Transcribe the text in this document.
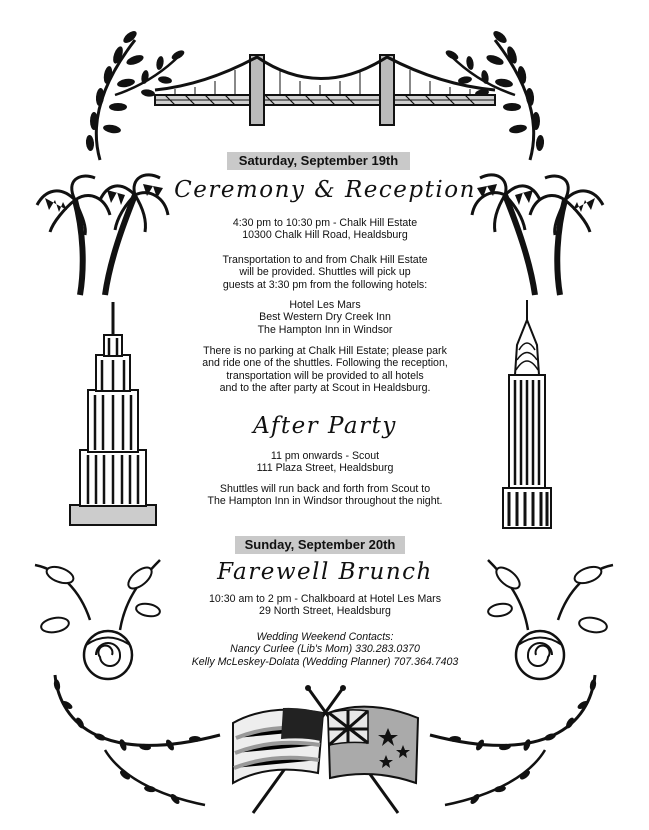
Saturday, September 19th
Ceremony & Reception
4:30 pm to 10:30 pm - Chalk Hill Estate
10300 Chalk Hill Road, Healdsburg
Transportation to and from Chalk Hill Estate
will be provided. Shuttles will pick up
guests at 3:30 pm from the following hotels:
Hotel Les Mars
Best Western Dry Creek Inn
The Hampton Inn in Windsor
There is no parking at Chalk Hill Estate; please park
and ride one of the shuttles. Following the reception,
transportation will be provided to all hotels
and to the after party at Scout in Healdsburg.
After Party
11 pm onwards - Scout
111 Plaza Street, Healdsburg
Shuttles will run back and forth from Scout to
The Hampton Inn in Windsor throughout the night.
Sunday, September 20th
Farewell Brunch
10:30 am to 2 pm - Chalkboard at Hotel Les Mars
29 North Street, Healdsburg
Wedding Weekend Contacts:
Nancy Curlee (Lib's Mom) 330.283.0370
Kelly McLeskey-Dolata (Wedding Planner) 707.364.7403
